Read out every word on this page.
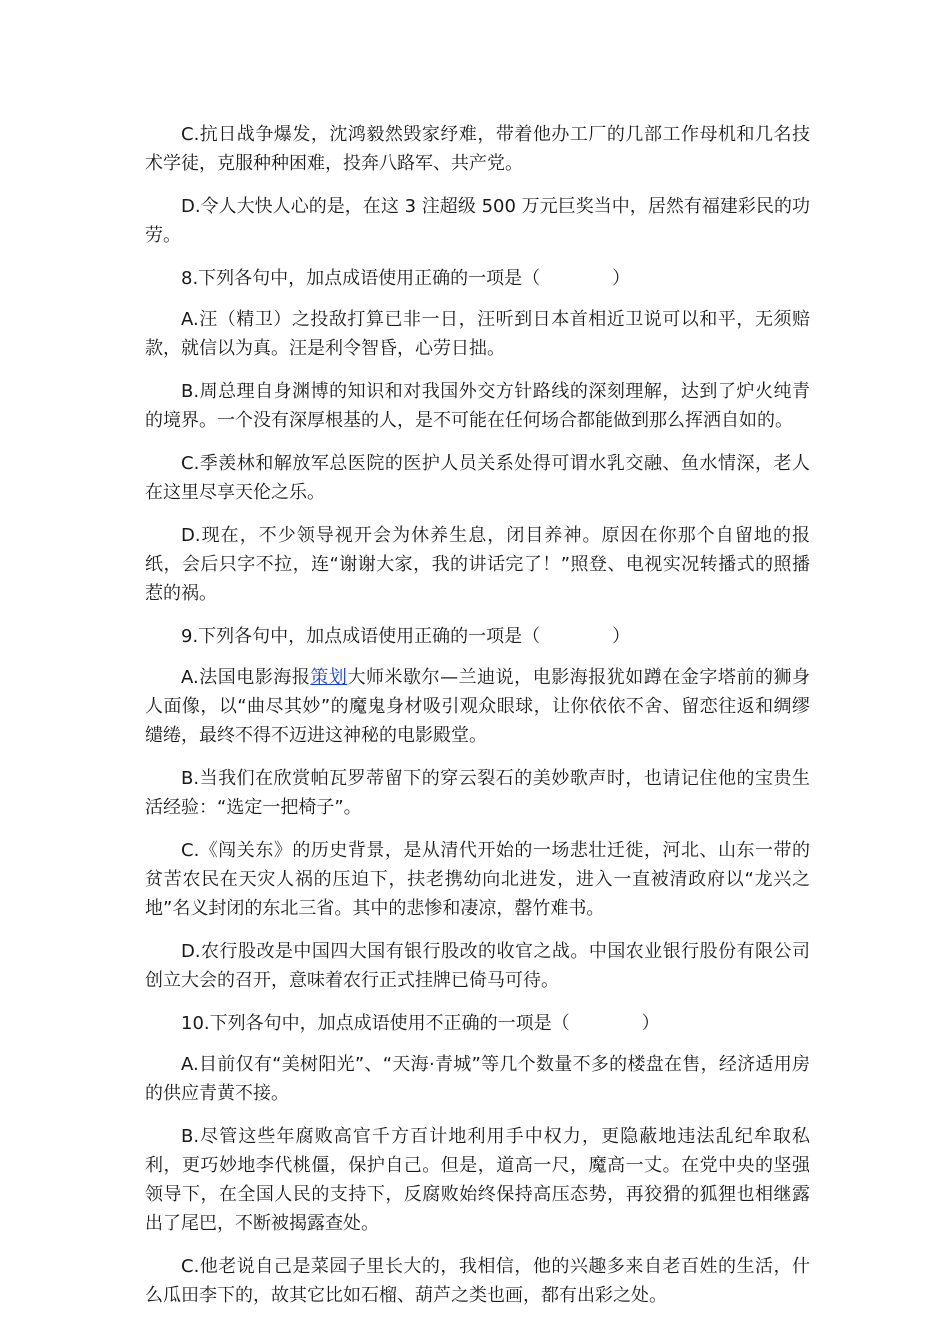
C.抗日战争爆发，沈鸿毅然毁家纾难，带着他办工厂的几部工作母机和几名技术学徒，克服种种困难，投奔八路军、共产党。

D.令人大快人心的是，在这 3 注超级 500 万元巨奖当中，居然有福建彩民的功劳。

8.下列各句中，加点成语使用正确的一项是（　　　　）

A.汪（精卫）之投敌打算已非一日，汪听到日本首相近卫说可以和平，无须赔款，就信以为真。汪是利令智昏，心劳日拙。

B.周总理自身渊博的知识和对我国外交方针路线的深刻理解，达到了炉火纯青的境界。一个没有深厚根基的人，是不可能在任何场合都能做到那么挥洒自如的。

C.季羡林和解放军总医院的医护人员关系处得可谓水乳交融、鱼水情深，老人在这里尽享天伦之乐。

D.现在，不少领导视开会为休养生息，闭目养神。原因在你那个自留地的报纸，会后只字不拉，连“谢谢大家，我的讲话完了！”照登、电视实况转播式的照播惹的祸。

9.下列各句中，加点成语使用正确的一项是（　　　　）

A.法国电影海报策划大师米歇尔—兰迪说，电影海报犹如蹲在金字塔前的狮身人面像，以“曲尽其妙”的魔鬼身材吸引观众眼球，让你依依不舍、留恋往返和绸缪缱绻，最终不得不迈进这神秘的电影殿堂。

B.当我们在欣赏帕瓦罗蒂留下的穿云裂石的美妙歌声时，也请记住他的宝贵生活经验：“选定一把椅子”。

C.《闯关东》的历史背景，是从清代开始的一场悲壮迁徙，河北、山东一带的贫苦农民在天灾人祸的压迫下，扶老携幼向北进发，进入一直被清政府以“龙兴之地”名义封闭的东北三省。其中的悲惨和凄凉，罄竹难书。

D.农行股改是中国四大国有银行股改的收官之战。中国农业银行股份有限公司创立大会的召开，意味着农行正式挂牌已倚马可待。

10.下列各句中，加点成语使用不正确的一项是（　　　　）

A.目前仅有“美树阳光”、“天海·青城”等几个数量不多的楼盘在售，经济适用房的供应青黄不接。

B.尽管这些年腐败高官千方百计地利用手中权力，更隐蔽地违法乱纪牟取私利，更巧妙地李代桃僵，保护自己。但是，道高一尺，魔高一丈。在党中央的坚强领导下，在全国人民的支持下，反腐败始终保持高压态势，再狡猾的狐狸也相继露出了尾巴，不断被揭露查处。

C.他老说自己是菜园子里长大的，我相信，他的兴趣多来自老百姓的生活，什么瓜田李下的，故其它比如石榴、葫芦之类也画，都有出彩之处。
